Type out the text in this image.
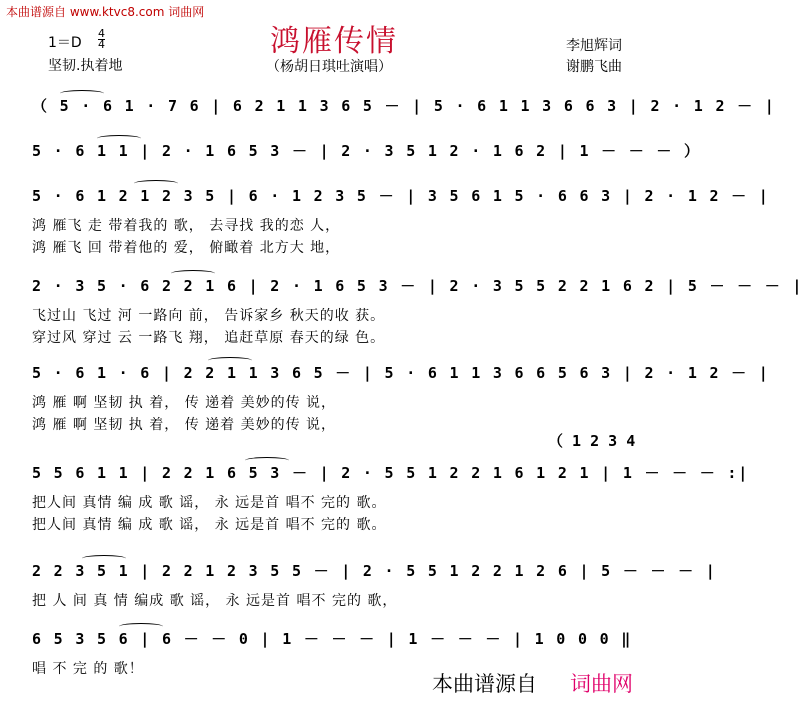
本曲谱源自 www.ktvc8.com 词曲网
鸿雁传情
$1=D \frac{4}{4}$
坚韧.执着地	（杨胡日琪吐演唱）
李旭辉词
谢鹏飞曲
（ 5 · 6 1 · 7 6 | 6 2 1 1 3 6 5 － | 5 · 6 1 1 3 6 6 3 | 2 · 1 2 － |
5 · 6 1 1 | 2 · 1 6 5 3 － | 2 · 3 5 1 2 · 1 6 2 | 1 － － － ）
5 · 6 1 2 1 2 3 5 | 6 · 1 2 3 5 － | 3 5 6 1 5 · 6 6 3 | 2 · 1 2 － |
鸿 雁飞 走 带着我的 歌， 去寻找 我的恋 人，
鸿 雁飞 回 带着他的 爱， 俯瞰着 北方大 地，
2 · 3 5 · 6 2 2 1 6 | 2 · 1 6 5 3 － | 2 · 3 5 5 2 2 1 6 2 | 5 － － － |
飞过山 飞过 河 一路向 前， 告诉家乡 秋天的收 获。
穿过风 穿过 云 一路飞 翔， 追赶草原 春天的绿 色。
5 · 6 1 · 6 | 2 2 1 1 3 6 5 － | 5 · 6 1 1 3 6 6 5 6 3 | 2 · 1 2 － |
鸿 雁 啊 坚韧 执 着， 传 递着 美妙的传 说，
鸿 雁 啊 坚韧 执 着， 传 递着 美妙的传 说，
5 5 6 1 1 | 2 2 1 6 5 3 － | 2 · 5 5 1 2 2 1 6 1 2 1 | 1 － － － :|
把人间 真情 编 成 歌 谣， 永 远是首 唱不 完的 歌。
把人间 真情 编 成 歌 谣， 永 远是首 唱不 完的 歌。
2 2 3 5 1 | 2 2 1 2 3 5 5 － | 2 · 5 5 1 2 2 1 2 6 | 5 － － － |
把 人 间 真 情 编成 歌 谣， 永 远是首 唱不 完的 歌，
6 5 3 5 6 | 6 － － 0 | 1 － － － | 1 － － － | 1 0 0 0 ‖
唱 不 完 的 歌！
（ 1 2 3 4
本曲谱源自 词曲网
